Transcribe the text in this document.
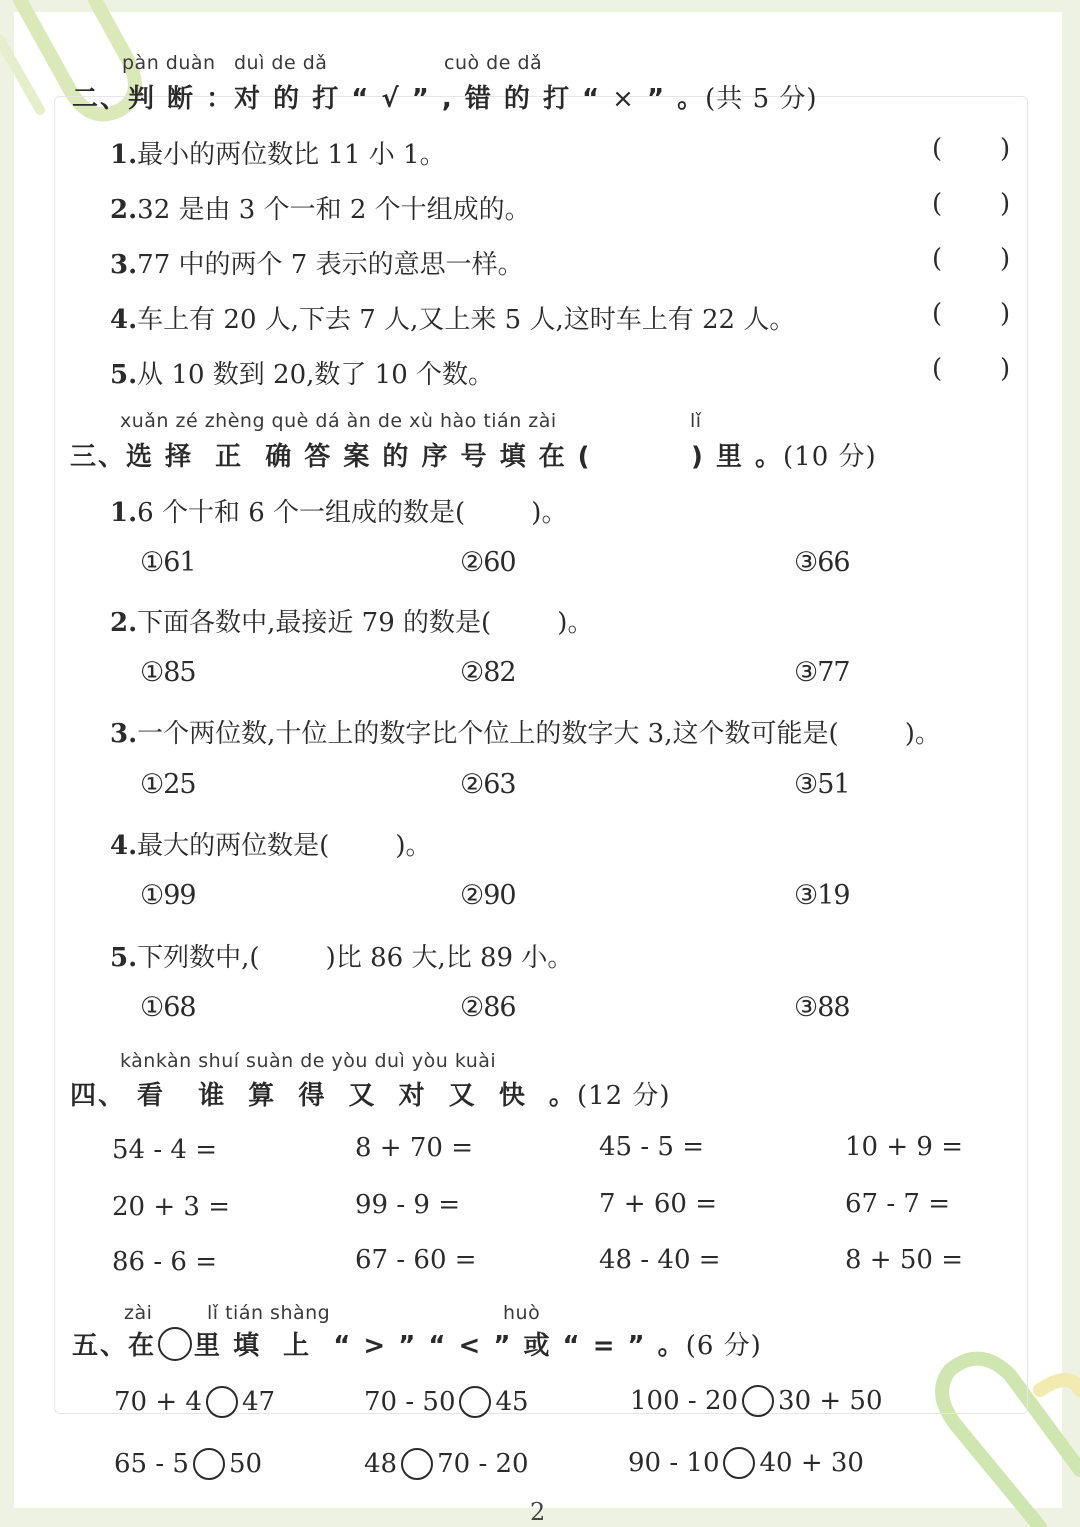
pàn duàn duì de dǎ	cuò de dǎ
二、判 断 ：对 的 打 “ √ ” , 错 的 打 “ × ” 。(共 5 分)
1.最小的两位数比 11 小 1。	(       )
2.32 是由 3 个一和 2 个十组成的。	(       )
3.77 中的两个 7 表示的意思一样。	(       )
4.车上有 20 人,下去 7 人,又上来 5 人,这时车上有 22 人。	(       )
5.从 10 数到 20,数了 10 个数。	(       )
xuǎn zé zhèng què dá àn de xù hào tián zài	lǐ
三、选 择  正  确 答 案 的 序 号 填 在 (         ) 里 。(10 分)
1.6 个十和 6 个一组成的数是(        )。
①61	②60	③66
2.下面各数中,最接近 79 的数是(        )。
①85	②82	③77
3.一个两位数,十位上的数字比个位上的数字大 3,这个数可能是(        )。
①25	②63	③51
4.最大的两位数是(        )。
①99	②90	③19
5.下列数中,(        )比 86 大,比 89 小。
①68	②86	③88
kànkàn shuí suàn de yòu duì yòu kuài
四、 看   谁  算  得  又  对  又  快  。(12 分)
54 - 4 =	8 + 70 =	45 - 5 =	10 + 9 =
20 + 3 =	99 - 9 =	7 + 60 =	67 - 7 =
86 - 6 =	67 - 60 =	48 - 40 =	8 + 50 =
zài	lǐ tián shàng	huò
五、在 里 填  上  “ > ” “ < ” 或 “ = ” 。 (6 分)
70 + 4 47	70 - 50 45	100 - 20 30 + 50
65 - 5 50	48 70 - 20	90 - 10 40 + 30
2
